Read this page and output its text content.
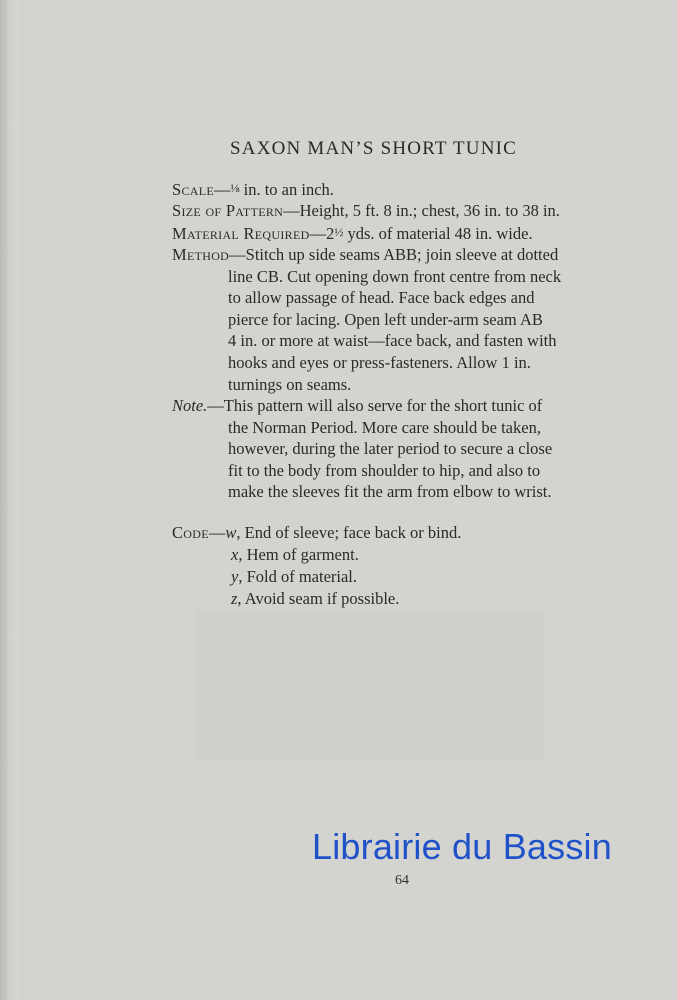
SAXON MAN’S SHORT TUNIC
Scale—⅛ in. to an inch.
Size of Pattern—Height, 5 ft. 8 in.; chest, 36 in. to 38 in.
Material Required—2½ yds. of material 48 in. wide.
Method—Stitch up side seams ABB; join sleeve at dotted
line CB. Cut opening down front centre from neck
to allow passage of head. Face back edges and
pierce for lacing. Open left under-arm seam AB
4 in. or more at waist—face back, and fasten with
hooks and eyes or press-fasteners. Allow 1 in.
turnings on seams.
Note.—This pattern will also serve for the short tunic of
the Norman Period. More care should be taken,
however, during the later period to secure a close
fit to the body from shoulder to hip, and also to
make the sleeves fit the arm from elbow to wrist.
Code—w, End of sleeve; face back or bind.
x, Hem of garment.
y, Fold of material.
z, Avoid seam if possible.
Librairie du Bassin
64
